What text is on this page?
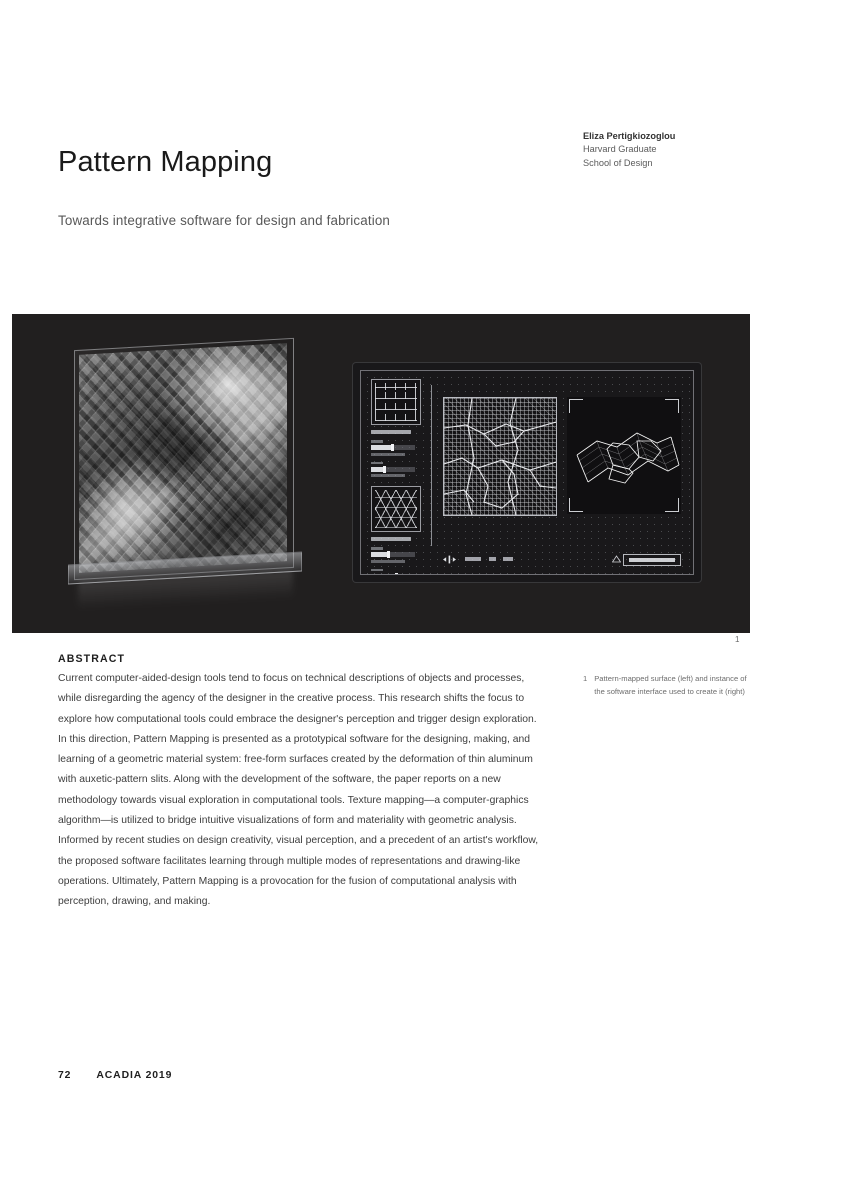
Pattern Mapping
Eliza Pertigkiozoglou
Harvard Graduate
School of Design
Towards integrative software for design and fabrication
1
ABSTRACT
Current computer-aided-design tools tend to focus on technical descriptions of objects and processes, while disregarding the agency of the designer in the creative process. This research shifts the focus to explore how computational tools could embrace the designer's perception and trigger design exploration. In this direction, Pattern Mapping is presented as a prototypical software for the designing, making, and learning of a geometric material system: free-form surfaces created by the deformation of thin aluminum with auxetic-pattern slits. Along with the development of the software, the paper reports on a new methodology towards visual exploration in computational tools. Texture mapping—a computer-graphics algorithm—is utilized to bridge intuitive visualizations of form and materiality with geometric analysis. Informed by recent studies on design creativity, visual perception, and a precedent of an artist's workflow, the proposed software facilitates learning through multiple modes of representations and drawing-like operations. Ultimately, Pattern Mapping is a provocation for the fusion of computational analysis with perception, drawing, and making.
1 Pattern-mapped surface (left) and instance of the software interface used to create it (right)
72 ACADIA 2019
